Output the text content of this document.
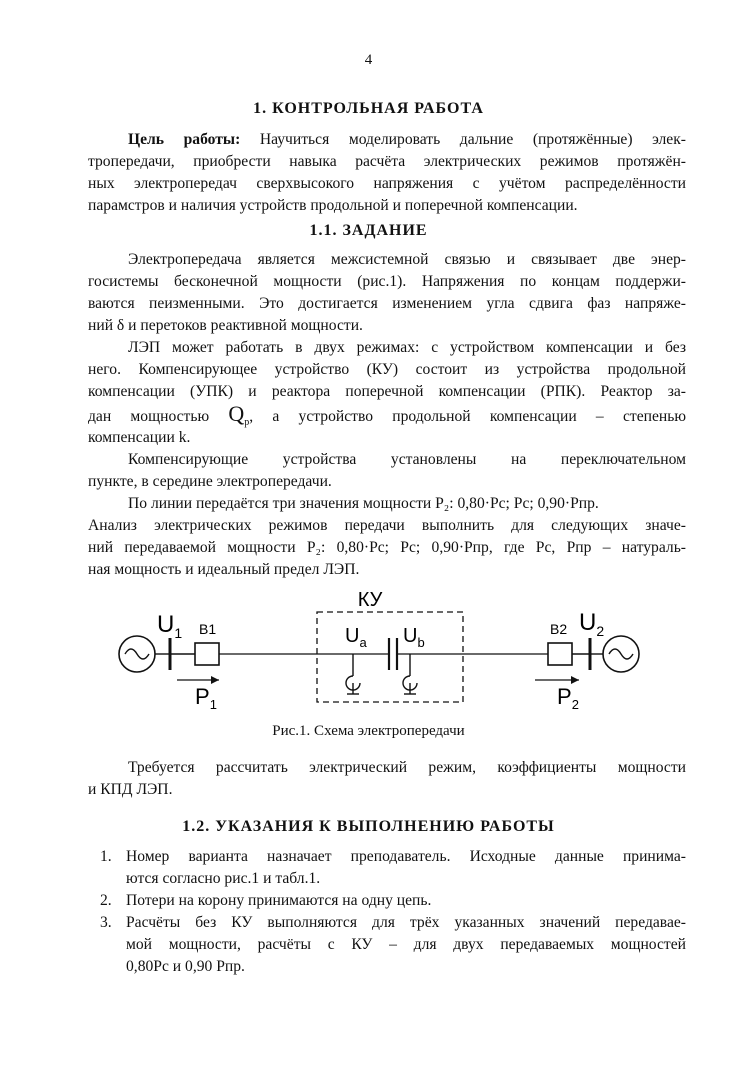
4
1. КОНТРОЛЬНАЯ РАБОТА
Цель работы: Научиться моделировать дальние (протяжённые) элек-
тропередачи, приобрести навыка расчёта электрических режимов протяжён-
ных электропередач сверхвысокого напряжения с учётом распределённости
парамстров и наличия устройств продольной и поперечной компенсации.
1.1. ЗАДАНИЕ
Электропередача является межсистемной связью и связывает две энер-
госистемы бесконечной мощности (рис.1). Напряжения по концам поддержи-
ваются пеизменными. Это достигается изменением угла сдвига фаз напряже-
ний δ и перетоков реактивной мощности.
ЛЭП может работать в двух режимах: с устройством компенсации и без
него. Компенсирующее устройство (КУ) состоит из устройства продольной
компенсации (УПК) и реактора поперечной компенсации (РПК). Реактор за-
дан мощностью $Q_р$, а устройство продольной компенсации – степенью
компенсации k.
Компенсирующие устройства установлены на переключательном
пункте, в середине электропередачи.
По линии передаётся три значения мощности P₂: 0,80·Pс; Pс; 0,90·Pпр.
Анализ электрических режимов передачи выполнить для следующих значе-
ний передаваемой мощности P₂: 0,80·Pс; Pс; 0,90·Pпр, где Pс, Pпр – натураль-
ная мощность и идеальный предел ЛЭП.
КУ
$U_1$ B1	$U_a$ $U_b$
B2 $U_2$
$P_1$	$P_2$
Рис.1. Схема электропередачи
Требуется рассчитать электрический режим, коэффициенты мощности
и КПД ЛЭП.
1.2. УКАЗАНИЯ К ВЫПОЛНЕНИЮ РАБОТЫ
1. Номер варианта назначает преподаватель. Исходные данные принима-
ются согласно рис.1 и табл.1.
2. Потери на корону принимаются на одну цепь.
3. Расчёты без КУ выполняются для трёх указанных значений передавае-
мой мощности, расчёты с КУ – для двух передаваемых мощностей
0,80Pс и 0,90 Pпр.
